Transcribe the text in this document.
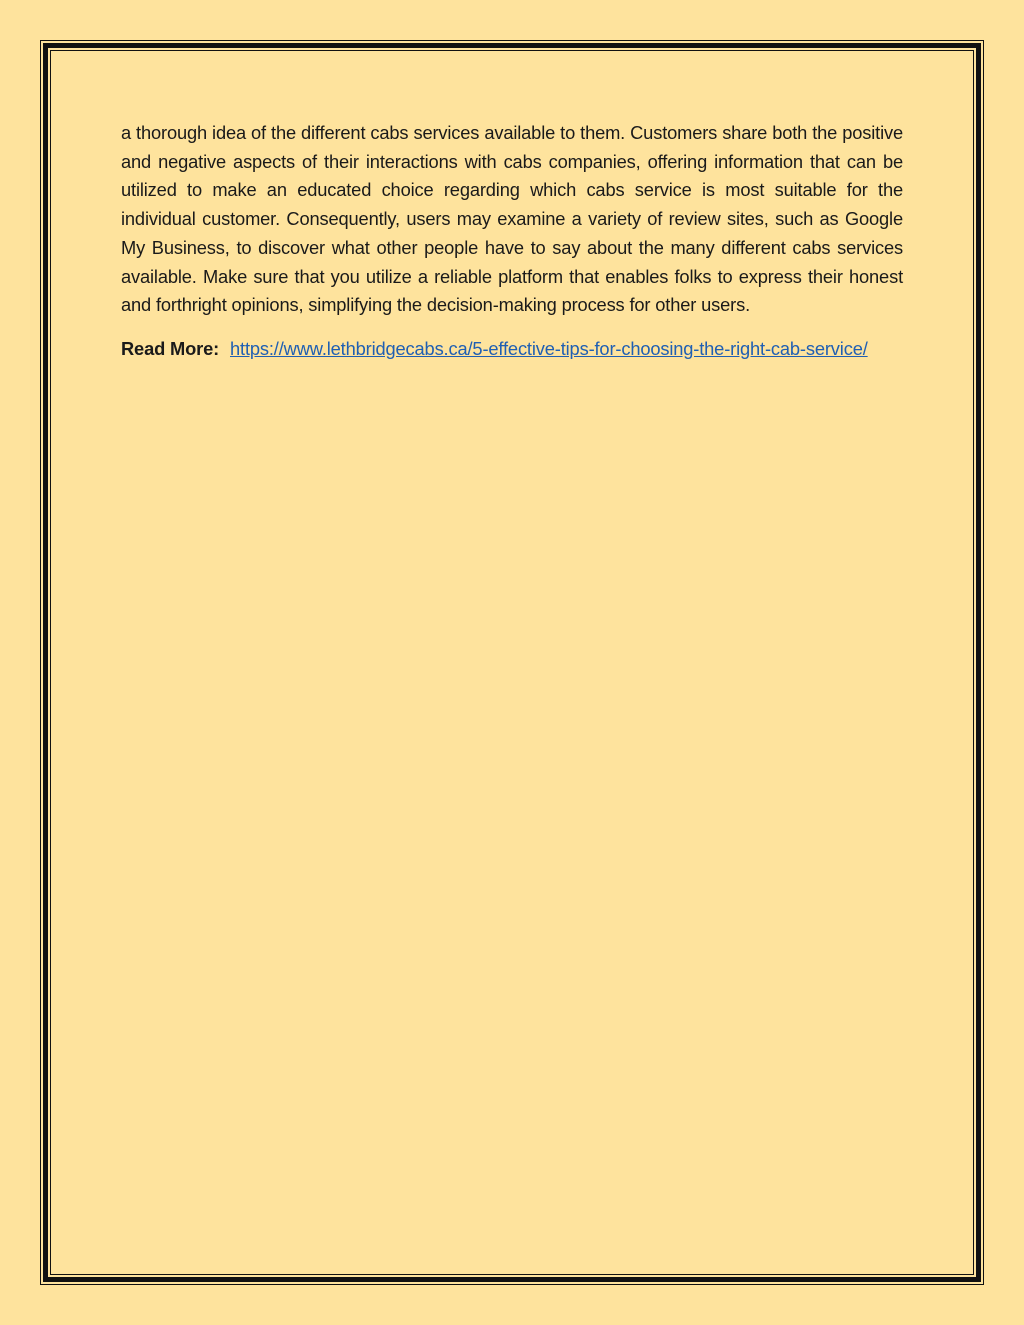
a thorough idea of the different cabs services available to them. Customers share both the positive and negative aspects of their interactions with cabs companies, offering information that can be utilized to make an educated choice regarding which cabs service is most suitable for the individual customer. Consequently, users may examine a variety of review sites, such as Google My Business, to discover what other people have to say about the many different cabs services available. Make sure that you utilize a reliable platform that enables folks to express their honest and forthright opinions, simplifying the decision-making process for other users.

Read More: https://www.lethbridgecabs.ca/5-effective-tips-for-choosing-the-right-cab-service/
